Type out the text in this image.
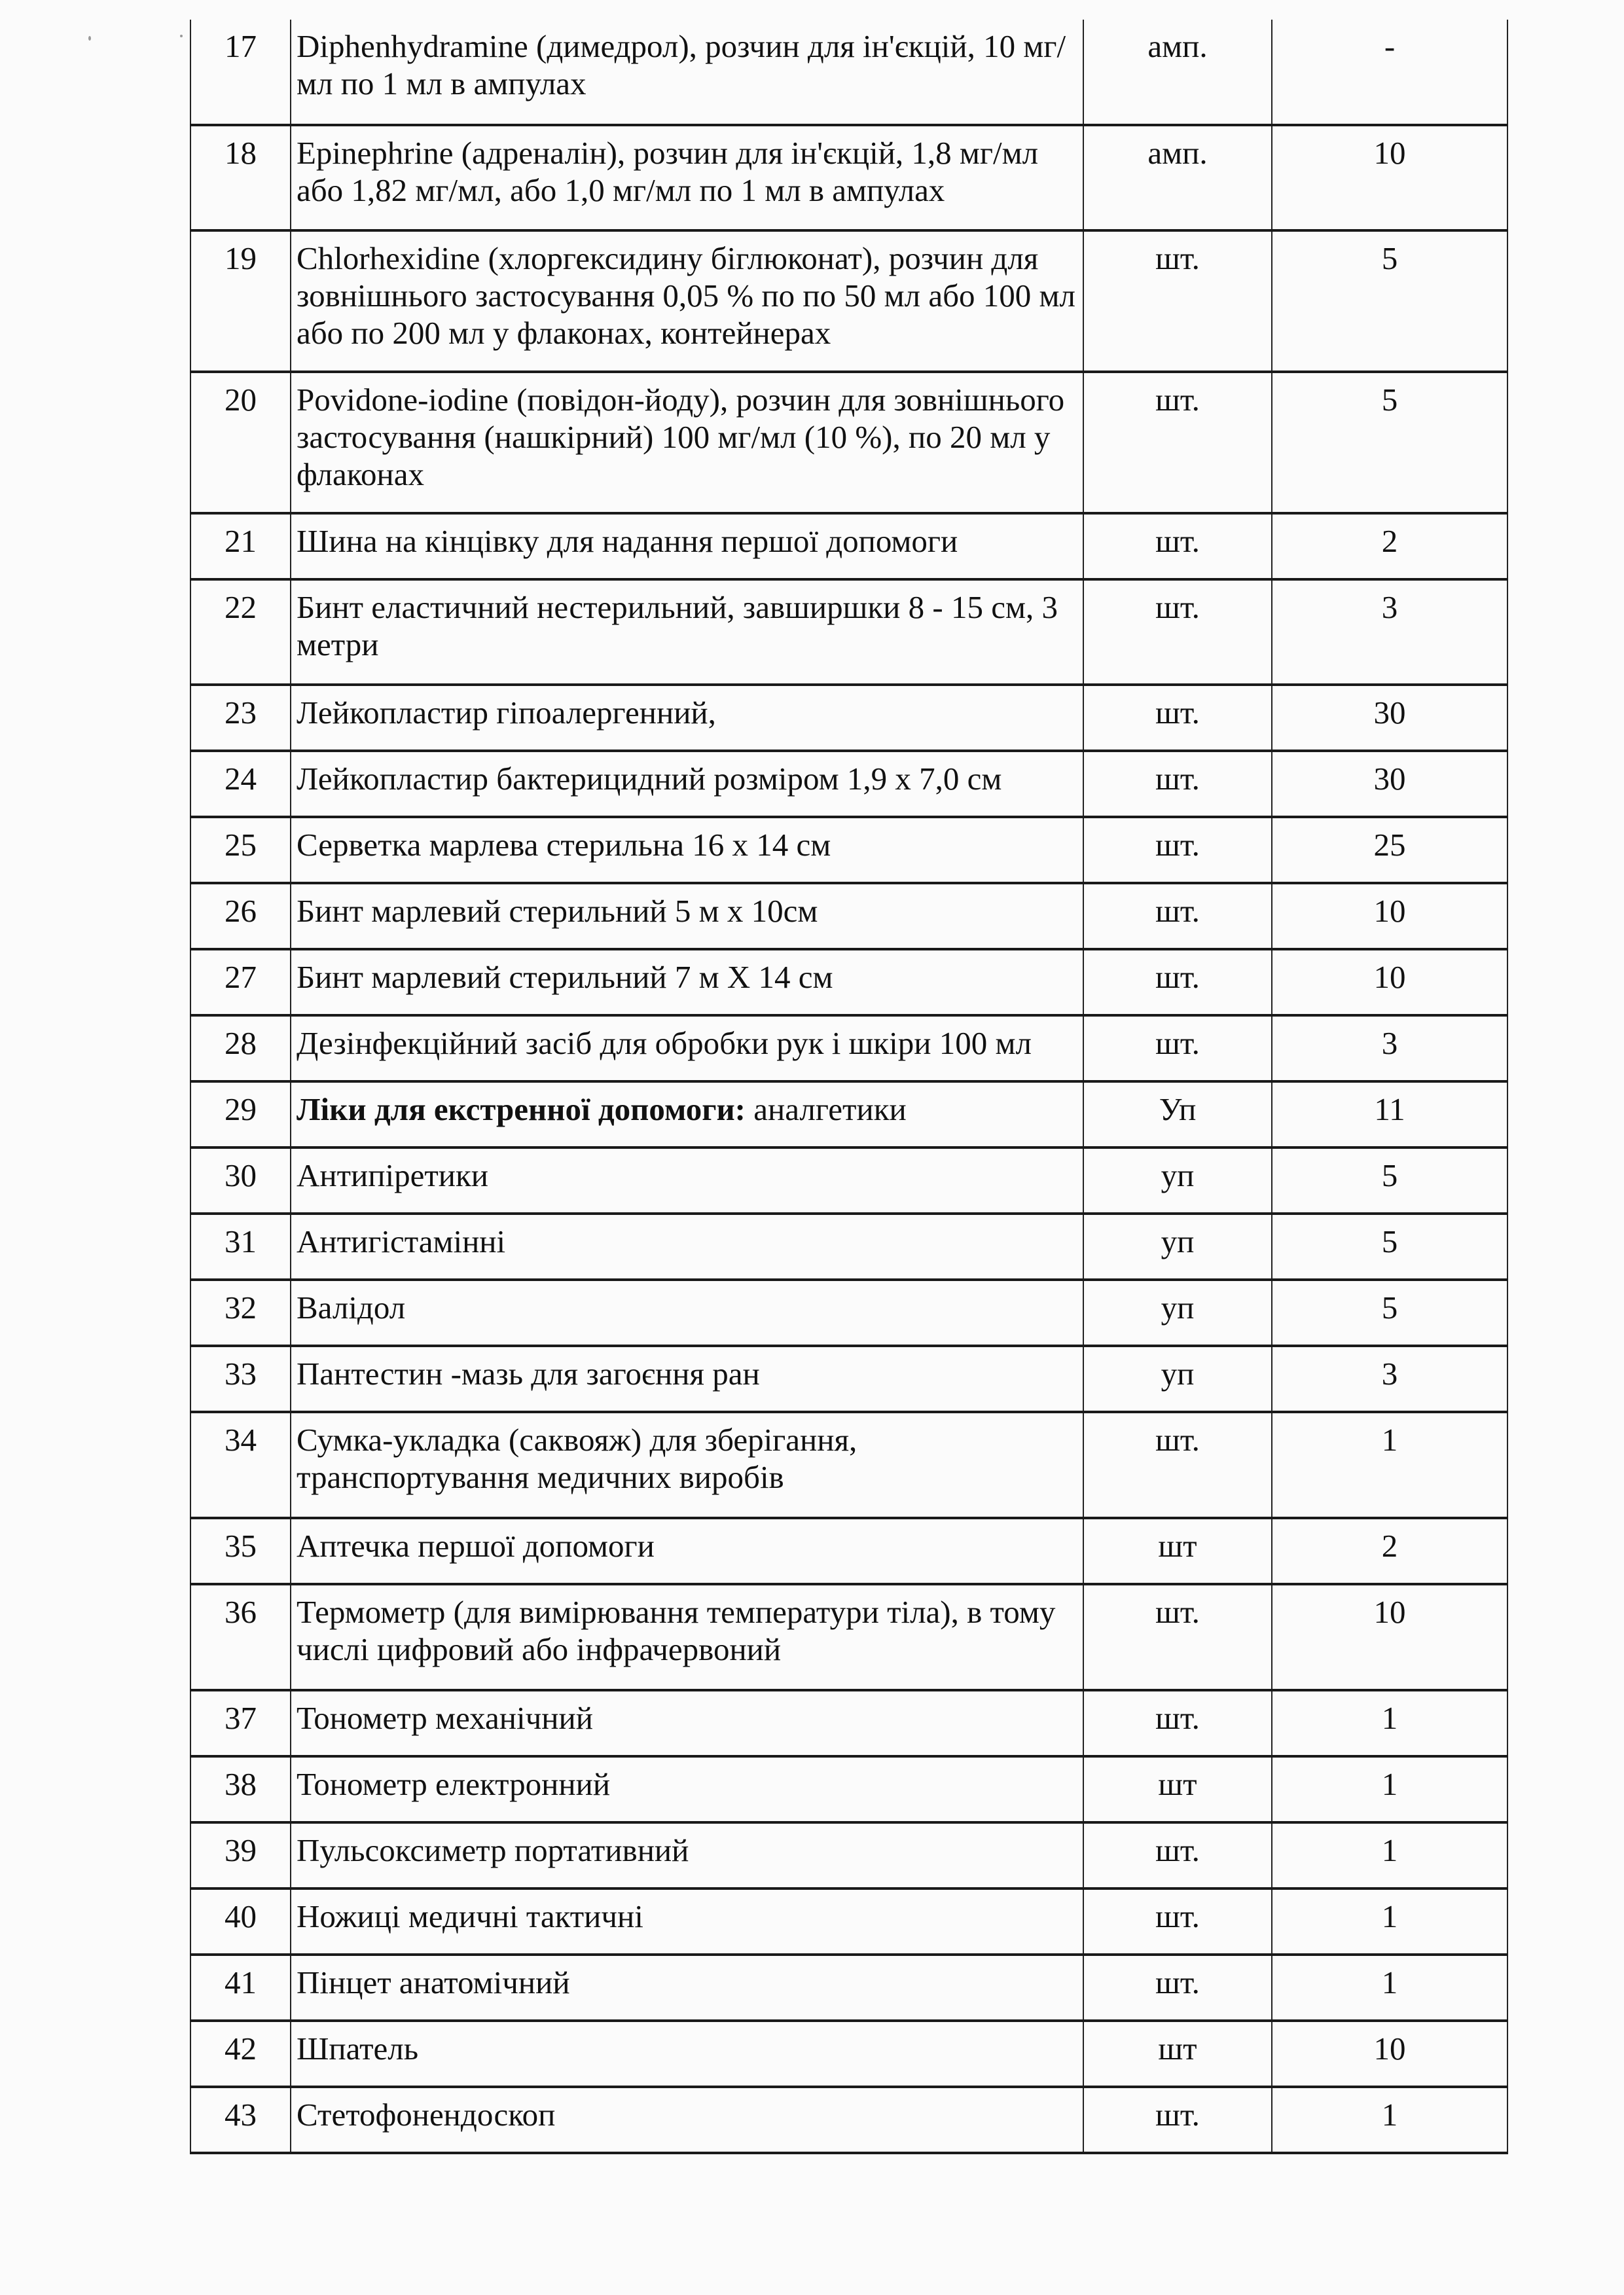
17	Diphenhydramine (димедрол), розчин для ін'єкцій, 10 мг/мл по 1 мл в ампулах	амп.	-
18	Epinephrine (адреналін), розчин для ін'єкцій, 1,8 мг/мл або 1,82 мг/мл, або 1,0 мг/мл по 1 мл в ампулах	амп.	10
19	Chlorhexidine (хлоргексидину біглюконат), розчин для зовнішнього застосування 0,05 % по по 50 мл або 100 мл або по 200 мл у флаконах, контейнерах	шт.	5
20	Povidone-iodine (повідон-йоду), розчин для зовнішнього застосування (нашкірний) 100 мг/мл (10 %), по 20 мл у флаконах	шт.	5
21	Шина на кінцівку для надання першої допомоги	шт.	2
22	Бинт еластичний нестерильний, завширшки 8 - 15 см, 3 метри	шт.	3
23	Лейкопластир гіпоалергенний,	шт.	30
24	Лейкопластир бактерицидний розміром 1,9 х 7,0 см	шт.	30
25	Серветка марлева стерильна 16 х 14 см	шт.	25
26	Бинт марлевий стерильний 5 м х 10см	шт.	10
27	Бинт марлевий стерильний 7 м Х 14 см	шт.	10
28	Дезінфекційний засіб для обробки рук і шкіри 100 мл	шт.	3
29	Ліки для екстренної допомоги: аналгетики	Уп	11
30	Антипіретики	уп	5
31	Антигістамінні	уп	5
32	Валідол	уп	5
33	Пантестин -мазь для загоєння ран	уп	3
34	Сумка-укладка (саквояж) для зберігання, транспортування медичних виробів	шт.	1
35	Аптечка першої допомоги	шт	2
36	Термометр (для вимірювання температури тіла), в тому числі цифровий або інфрачервоний	шт.	10
37	Тонометр механічний	шт.	1
38	Тонометр електронний	шт	1
39	Пульсоксиметр портативний	шт.	1
40	Ножиці медичні тактичні	шт.	1
41	Пінцет анатомічний	шт.	1
42	Шпатель	шт	10
43	Стетофонендоскоп	шт.	1
